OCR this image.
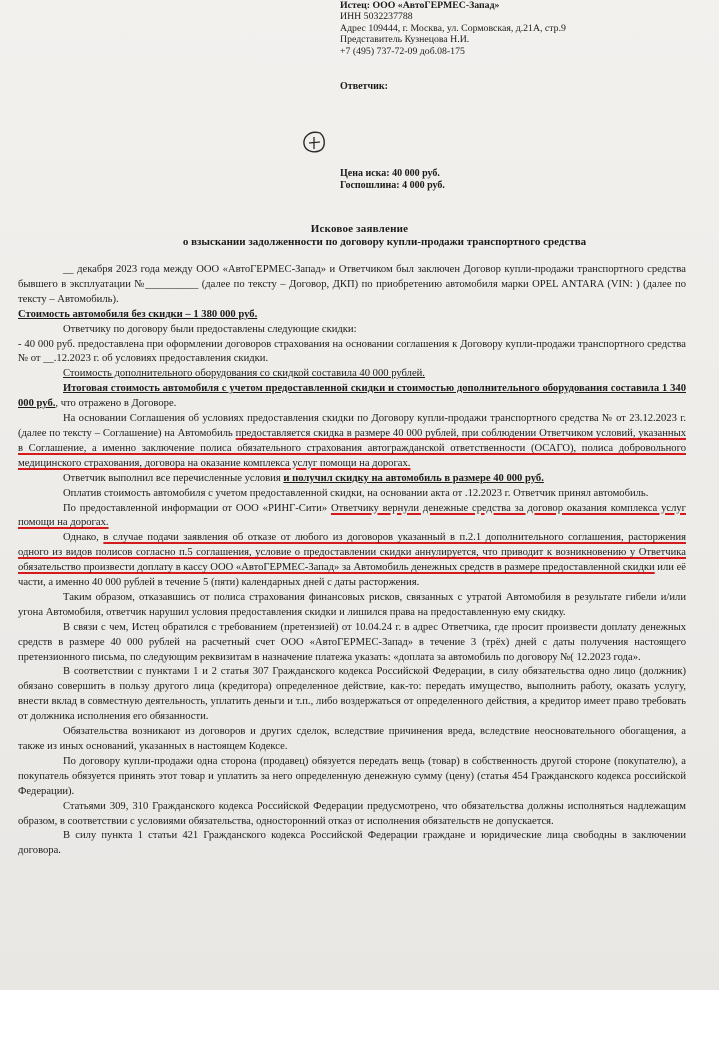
Истец: ООО «АвтоГЕРМЕС-Запад»
ИНН 5032237788
Адрес 109444, г. Москва, ул. Сормовская, д.21А, стр.9
Представитель Кузнецова Н.И.
+7 (495) 737-72-09 доб.08-175
Ответчик:
Цена иска: 40 000 руб.
Госпошлина: 4 000 руб.
Исковое заявление
о взыскании задолженности по договору купли-продажи транспортного средства

__ декабря 2023 года между ООО «АвтоГЕРМЕС-Запад» и Ответчиком был заключен Договор купли-продажи транспортного средства бывшего в эксплуатации №__________ (далее по тексту – Договор, ДКП) по приобретению автомобиля марки OPEL ANTARA (VIN: ) (далее по тексту – Автомобиль).

Стоимость автомобиля без скидки – 1 380 000 руб.

Ответчику по договору были предоставлены следующие скидки:

- 40 000 руб. предоставлена при оформлении договоров страхования на основании соглашения к Договору купли-продажи транспортного средства № от __.12.2023 г. об условиях предоставления скидки.

Стоимость дополнительного оборудования со скидкой составила 40 000 рублей.

Итоговая стоимость автомобиля с учетом предоставленной скидки и стоимостью дополнительного оборудования составила 1 340 000 руб., что отражено в Договоре.

На основании Соглашения об условиях предоставления скидки по Договору купли-продажи транспортного средства № от 23.12.2023 г. (далее по тексту – Соглашение) на Автомобиль предоставляется скидка в размере 40 000 рублей, при соблюдении Ответчиком условий, указанных в Соглашение, а именно заключение полиса обязательного страхования автогражданской ответственности (ОСАГО), полиса добровольного медицинского страхования, договора на оказание комплекса услуг помощи на дорогах.

Ответчик выполнил все перечисленные условия и получил скидку на автомобиль в размере 40 000 руб.

Оплатив стоимость автомобиля с учетом предоставленной скидки, на основании акта от .12.2023 г. Ответчик принял автомобиль.

По предоставленной информации от ООО «РИНГ-Сити» Ответчику вернули денежные средства за договор оказания комплекса услуг помощи на дорогах.

Однако, в случае подачи заявления об отказе от любого из договоров указанный в п.2.1 дополнительного соглашения, расторжения одного из видов полисов согласно п.5 соглашения, условие о предоставлении скидки аннулируется, что приводит к возникновению у Ответчика обязательство произвести доплату в кассу ООО «АвтоГЕРМЕС-Запад» за Автомобиль денежных средств в размере предоставленной скидки или её части, а именно 40 000 рублей в течение 5 (пяти) календарных дней с даты расторжения.

Таким образом, отказавшись от полиса страхования финансовых рисков, связанных с утратой Автомобиля в результате гибели и/или угона Автомобиля, ответчик нарушил условия предоставления скидки и лишился права на предоставленную ему скидку.

В связи с чем, Истец обратился с требованием (претензией) от 10.04.24 г. в адрес Ответчика, где просит произвести доплату денежных средств в размере 40 000 рублей на расчетный счет ООО «АвтоГЕРМЕС-Запад» в течение 3 (трёх) дней с даты получения настоящего претензионного письма, по следующим реквизитам в назначение платежа указать: «доплата за автомобиль по договору №( 12.2023 года».

В соответствии с пунктами 1 и 2 статья 307 Гражданского кодекса Российской Федерации, в силу обязательства одно лицо (должник) обязано совершить в пользу другого лица (кредитора) определенное действие, как-то: передать имущество, выполнить работу, оказать услугу, внести вклад в совместную деятельность, уплатить деньги и т.п., либо воздержаться от определенного действия, а кредитор имеет право требовать от должника исполнения его обязанности.

Обязательства возникают из договоров и других сделок, вследствие причинения вреда, вследствие неосновательного обогащения, а также из иных оснований, указанных в настоящем Кодексе.

По договору купли-продажи одна сторона (продавец) обязуется передать вещь (товар) в собственность другой стороне (покупателю), а покупатель обязуется принять этот товар и уплатить за него определенную денежную сумму (цену) (статья 454 Гражданского кодекса российской Федерации).

Статьями 309, 310 Гражданского кодекса Российской Федерации предусмотрено, что обязательства должны исполняться надлежащим образом, в соответствии с условиями обязательства, односторонний отказ от исполнения обязательств не допускается.

В силу пункта 1 статьи 421 Гражданского кодекса Российской Федерации граждане и юридические лица свободны в заключении договора.
